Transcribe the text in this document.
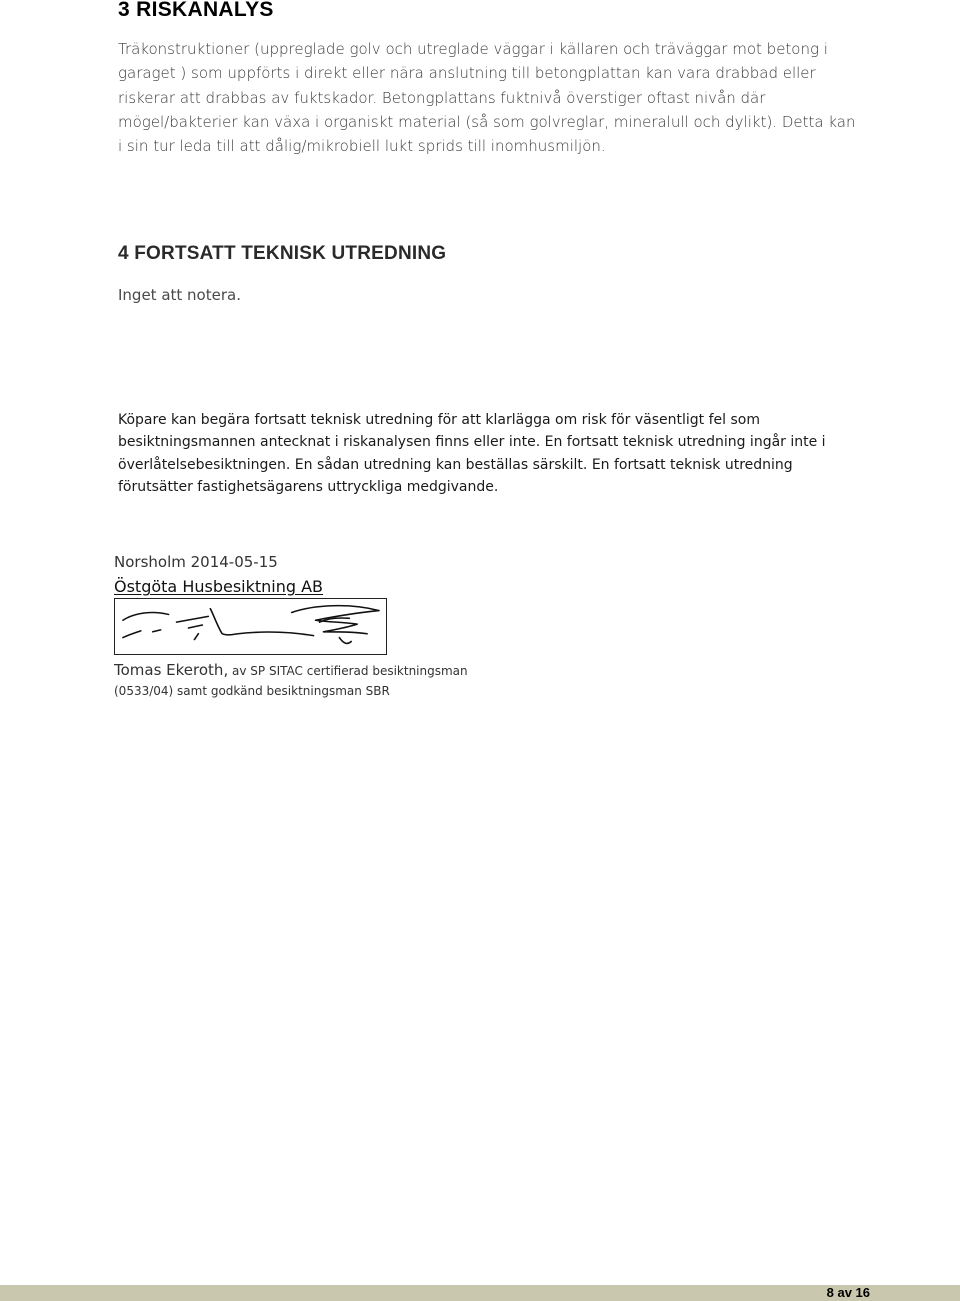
3 RISKANALYS

Träkonstruktioner (uppreglade golv och utreglade väggar i källaren och träväggar mot betong i garaget ) som uppförts i direkt eller nära anslutning till betongplattan kan vara drabbad eller riskerar att drabbas av fuktskador. Betongplattans fuktnivå överstiger oftast nivån där mögel/bakterier kan växa i organiskt material (så som golvreglar, mineralull och dylikt). Detta kan i sin tur leda till att dålig/mikrobiell lukt sprids till inomhusmiljön.

4 FORTSATT TEKNISK UTREDNING

Inget att notera.

Köpare kan begära fortsatt teknisk utredning för att klarlägga om risk för väsentligt fel som besiktningsmannen antecknat i riskanalysen finns eller inte. En fortsatt teknisk utredning ingår inte i överlåtelsebesiktningen. En sådan utredning kan beställas särskilt. En fortsatt teknisk utredning förutsätter fastighetsägarens uttryckliga medgivande.

Norsholm 2014-05-15

Östgöta Husbesiktning AB

Tomas Ekeroth, av SP SITAC certifierad besiktningsman

(0533/04) samt godkänd besiktningsman SBR

8 av 16
